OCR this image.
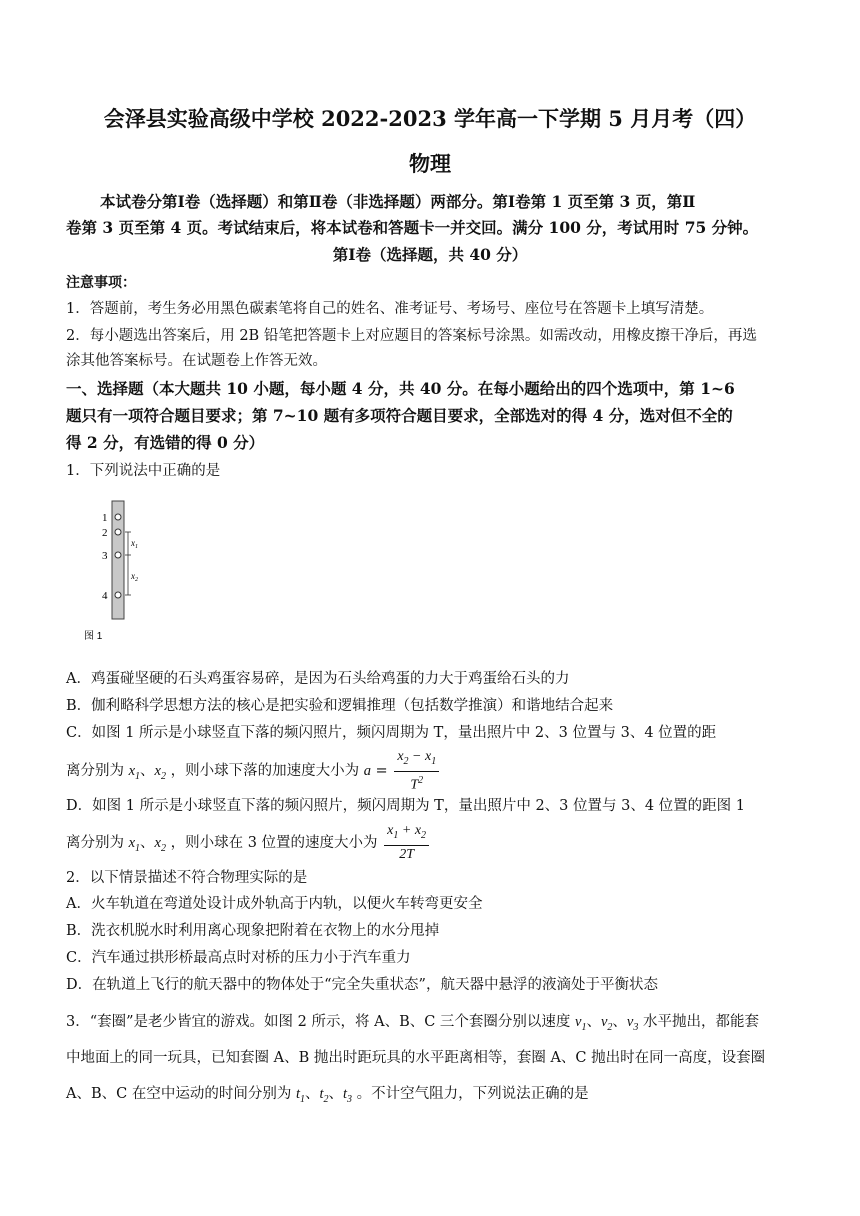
会泽县实验高级中学校 2022-2023 学年高一下学期 5 月月考（四）
物理
本试卷分第Ⅰ卷（选择题）和第Ⅱ卷（非选择题）两部分。第Ⅰ卷第 1 页至第 3 页，第Ⅱ
卷第 3 页至第 4 页。考试结束后，将本试卷和答题卡一并交回。满分 100 分，考试用时 75 分钟。
第Ⅰ卷（选择题，共 40 分）
注意事项：
1．答题前，考生务必用黑色碳素笔将自己的姓名、准考证号、考场号、座位号在答题卡上填写清楚。
2．每小题选出答案后，用 2B 铅笔把答题卡上对应题目的答案标号涂黑。如需改动，用橡皮擦干净后，再选
涂其他答案标号。在试题卷上作答无效。
一、选择题（本大题共 10 小题，每小题 4 分，共 40 分。在每小题给出的四个选项中，第 1~6
题只有一项符合题目要求；第 7~10 题有多项符合题目要求，全部选对的得 4 分，选对但不全的
得 2 分，有选错的得 0 分）
1．下列说法中正确的是
1
2
3
4
$x_1$
$x_2$
图 1
A．鸡蛋碰坚硬的石头鸡蛋容易碎，是因为石头给鸡蛋的力大于鸡蛋给石头的力
B．伽利略科学思想方法的核心是把实验和逻辑推理（包括数学推演）和谐地结合起来
C．如图 1 所示是小球竖直下落的频闪照片，频闪周期为 T，量出照片中 2、3 位置与 3、4 位置的距
离分别为 $x_1$、$x_2$ ，则小球下落的加速度大小为 $a = \frac{x_2 - x_1}{T^2}$
D．如图 1 所示是小球竖直下落的频闪照片，频闪周期为 T，量出照片中 2、3 位置与 3、4 位置的距图 1
离分别为 $x_1$、$x_2$ ，则小球在 3 位置的速度大小为 $\frac{x_1 + x_2}{2T}$
2．以下情景描述不符合物理实际的是
A．火车轨道在弯道处设计成外轨高于内轨，以便火车转弯更安全
B．洗衣机脱水时利用离心现象把附着在衣物上的水分甩掉
C．汽车通过拱形桥最高点时对桥的压力小于汽车重力
D．在轨道上飞行的航天器中的物体处于“完全失重状态”，航天器中悬浮的液滴处于平衡状态
3．“套圈”是老少皆宜的游戏。如图 2 所示，将 A、B、C 三个套圈分别以速度 $v_1$、$v_2$、$v_3$ 水平抛出，都能套
中地面上的同一玩具，已知套圈 A、B 抛出时距玩具的水平距离相等，套圈 A、C 抛出时在同一高度，设套圈
A、B、C 在空中运动的时间分别为 $t_1$、$t_2$、$t_3$ 。不计空气阻力，下列说法正确的是
